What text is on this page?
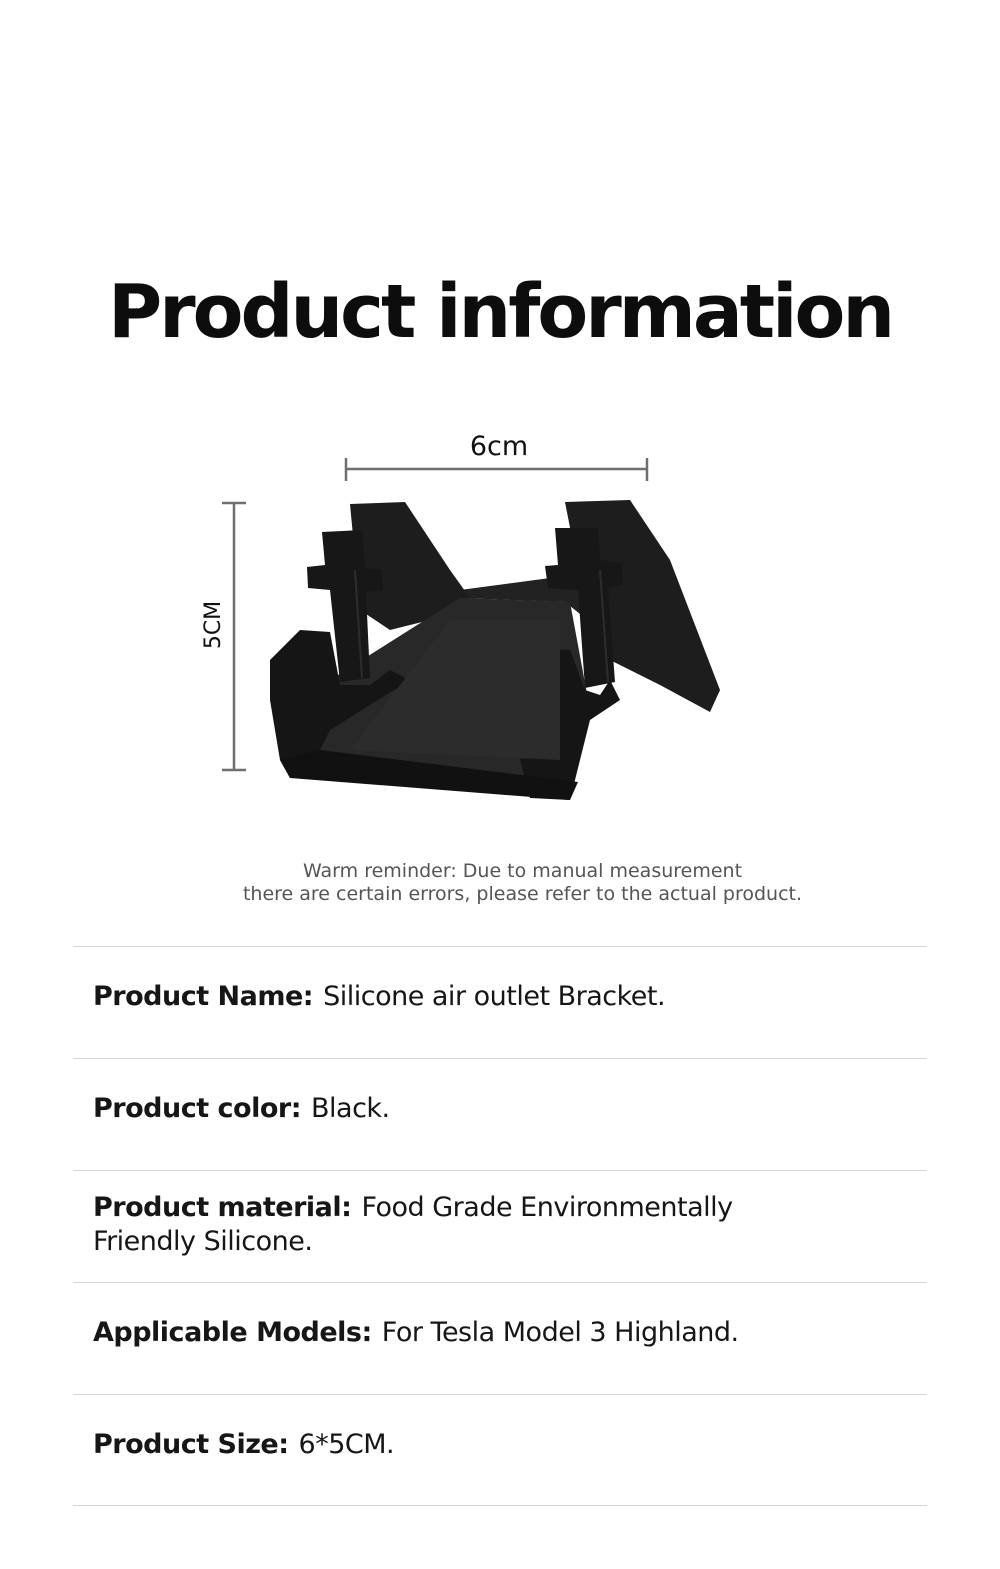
Product information
6cm
5CM
Warm reminder: Due to manual measurement
there are certain errors, please refer to the actual product.
Product Name: Silicone air outlet Bracket.
Product color: Black.
Product material: Food Grade Environmentally Friendly Silicone.
Applicable Models: For Tesla Model 3 Highland.
Product Size: 6*5CM.
